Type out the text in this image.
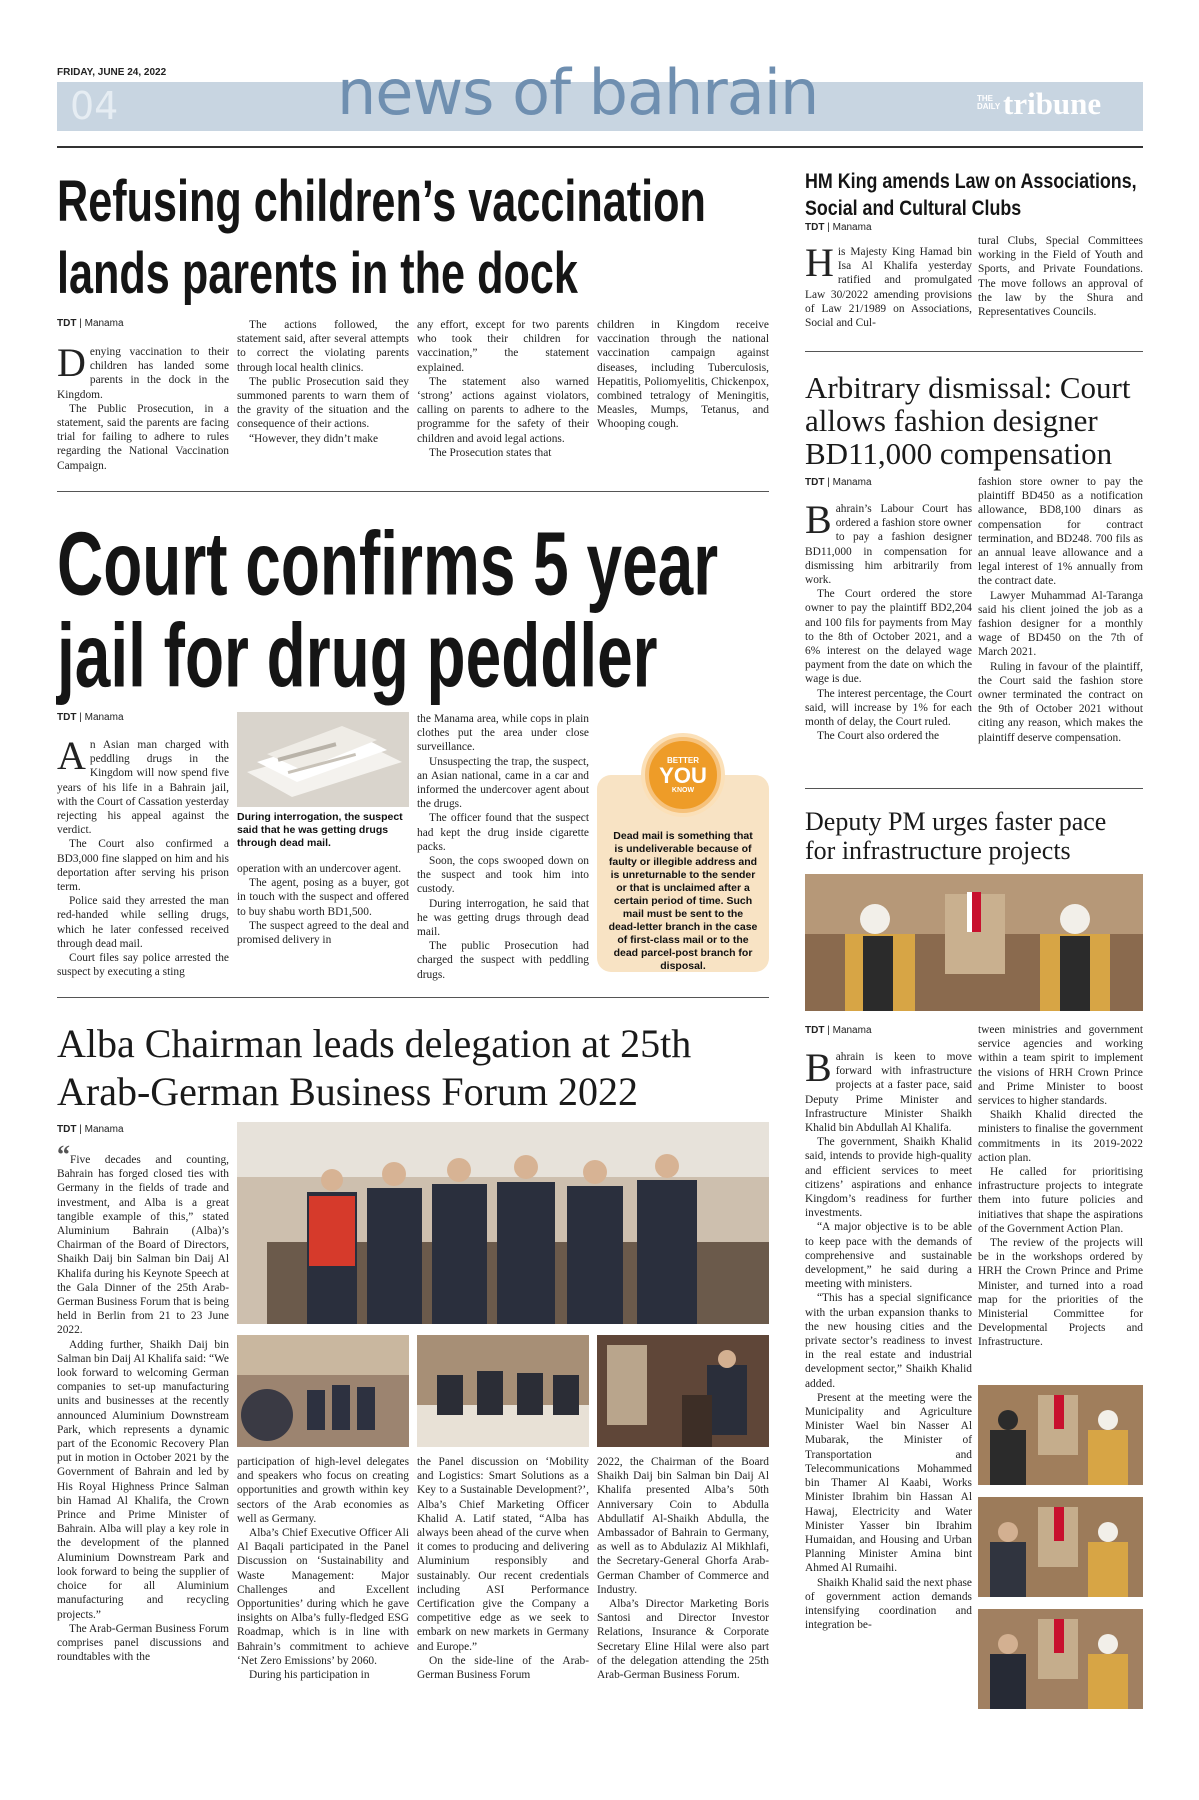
FRIDAY, JUNE 24, 2022
04	news of bahrain	THE DAILY tribune
Refusing children’s vaccination
lands parents in the dock
TDT | Manama

Denying vaccination to their children has landed some parents in the dock in the Kingdom.

The Public Prosecution, in a statement, said the parents are facing trial for failing to adhere to rules regarding the National Vaccination Campaign.

The actions followed, the statement said, after several attempts to correct the violating parents through local health clinics.

The public Prosecution said they summoned parents to warn them of the gravity of the situation and the consequence of their actions.

“However, they didn’t make

any effort, except for two parents who took their children for vaccination,” the statement explained.

The statement also warned ‘strong’ actions against violators, calling on parents to adhere to the programme for the safety of their children and avoid legal actions.

The Prosecution states that

children in Kingdom receive vaccination through the national vaccination campaign against diseases, including Tuberculosis, Hepatitis, Poliomyelitis, Chickenpox, combined tetralogy of Meningitis, Measles, Mumps, Tetanus, and Whooping cough.

Court confirms 5 year
jail for drug peddler
TDT | Manama

An Asian man charged with peddling drugs in the Kingdom will now spend five years of his life in a Bahrain jail, with the Court of Cassation yesterday rejecting his appeal against the verdict.

The Court also confirmed a BD3,000 fine slapped on him and his deportation after serving his prison term.

Police said they arrested the man red-handed while selling drugs, which he later confessed received through dead mail.

Court files say police arrested the suspect by executing a sting

During interrogation, the suspect said that he was getting drugs through dead mail.

operation with an undercover agent.

The agent, posing as a buyer, got in touch with the suspect and offered to buy shabu worth BD1,500.

The suspect agreed to the deal and promised delivery in

the Manama area, while cops in plain clothes put the area under close surveillance.

Unsuspecting the trap, the suspect, an Asian national, came in a car and informed the undercover agent about the drugs.

The officer found that the suspect had kept the drug inside cigarette packs.

Soon, the cops swooped down on the suspect and took him into custody.

During interrogation, he said that he was getting drugs through dead mail.

The public Prosecution had charged the suspect with peddling drugs.

BETTER
YOU
KNOW
Dead mail is something that is undeliverable because of faulty or illegible address and is unreturnable to the sender or that is unclaimed after a certain period of time. Such mail must be sent to the dead-letter branch in the case of first-class mail or to the dead parcel-post branch for disposal.
Alba Chairman leads delegation at 25th
Arab-German Business Forum 2022
TDT | Manama

“Five decades and counting, Bahrain has forged closed ties with Germany in the fields of trade and investment, and Alba is a great tangible example of this,” stated Aluminium Bahrain (Alba)’s Chairman of the Board of Directors, Shaikh Daij bin Salman bin Daij Al Khalifa during his Keynote Speech at the Gala Dinner of the 25th Arab-German Business Forum that is being held in Berlin from 21 to 23 June 2022.

Adding further, Shaikh Daij bin Salman bin Daij Al Khalifa said: “We look forward to welcoming German companies to set-up manufacturing units and businesses at the recently announced Aluminium Downstream Park, which represents a dynamic part of the Economic Recovery Plan put in motion in October 2021 by the Government of Bahrain and led by His Royal Highness Prince Salman bin Hamad Al Khalifa, the Crown Prince and Prime Minister of Bahrain. Alba will play a key role in the development of the planned Aluminium Downstream Park and look forward to being the supplier of choice for all Aluminium manufacturing and recycling projects.”

The Arab-German Business Forum comprises panel discussions and roundtables with the

participation of high-level delegates and speakers who focus on creating opportunities and growth within key sectors of the Arab economies as well as Germany.

Alba’s Chief Executive Officer Ali Al Baqali participated in the Panel Discussion on ‘Sustainability and Waste Management: Major Challenges and Excellent Opportunities’ during which he gave insights on Alba’s fully-fledged ESG Roadmap, which is in line with Bahrain’s commitment to achieve ‘Net Zero Emissions’ by 2060.

During his participation in

the Panel discussion on ‘Mobility and Logistics: Smart Solutions as a Key to a Sustainable Development?’, Alba’s Chief Marketing Officer Khalid A. Latif stated, “Alba has always been ahead of the curve when it comes to producing and delivering Aluminium responsibly and sustainably. Our recent credentials including ASI Performance Certification give the Company a competitive edge as we seek to embark on new markets in Germany and Europe.”

On the side-line of the Arab-German Business Forum

2022, the Chairman of the Board Shaikh Daij bin Salman bin Daij Al Khalifa presented Alba’s 50th Anniversary Coin to Abdulla Abdullatif Al-Shaikh Abdulla, the Ambassador of Bahrain to Germany, as well as to Abdulaziz Al Mikhlafi, the Secretary-General Ghorfa Arab-German Chamber of Commerce and Industry.

Alba’s Director Marketing Boris Santosi and Director Investor Relations, Insurance & Corporate Secretary Eline Hilal were also part of the delegation attending the 25th Arab-German Business Forum.

HM King amends Law on Associations,
Social and Cultural Clubs
TDT | Manama

His Majesty King Hamad bin Isa Al Khalifa yesterday ratified and promulgated Law 30/2022 amending provisions of Law 21/1989 on Associations, Social and Cul-

tural Clubs, Special Committees working in the Field of Youth and Sports, and Private Foundations. The move follows an approval of the law by the Shura and Representatives Councils.

Arbitrary dismissal: Court
allows fashion designer
BD11,000 compensation
TDT | Manama

Bahrain’s Labour Court has ordered a fashion store owner to pay a fashion designer BD11,000 in compensation for dismissing him arbitrarily from work.

The Court ordered the store owner to pay the plaintiff BD2,204 and 100 fils for payments from May to the 8th of October 2021, and a 6% interest on the delayed wage payment from the date on which the wage is due.

The interest percentage, the Court said, will increase by 1% for each month of delay, the Court ruled.

The Court also ordered the

fashion store owner to pay the plaintiff BD450 as a notification allowance, BD8,100 dinars as compensation for contract termination, and BD248. 700 fils as an annual leave allowance and a legal interest of 1% annually from the contract date.

Lawyer Muhammad Al-Taranga said his client joined the job as a fashion designer for a monthly wage of BD450 on the 7th of March 2021.

Ruling in favour of the plaintiff, the Court said the fashion store owner terminated the contract on the 9th of October 2021 without citing any reason, which makes the plaintiff deserve compensation.

Deputy PM urges faster pace
for infrastructure projects
TDT | Manama

Bahrain is keen to move forward with infrastructure projects at a faster pace, said Deputy Prime Minister and Infrastructure Minister Shaikh Khalid bin Abdullah Al Khalifa.

The government, Shaikh Khalid said, intends to provide high-quality and efficient services to meet citizens’ aspirations and enhance Kingdom’s readiness for further investments.

“A major objective is to be able to keep pace with the demands of comprehensive and sustainable development,” he said during a meeting with ministers.

“This has a special significance with the urban expansion thanks to the new housing cities and the private sector’s readiness to invest in the real estate and industrial development sector,” Shaikh Khalid added.

Present at the meeting were the Municipality and Agriculture Minister Wael bin Nasser Al Mubarak, the Minister of Transportation and Telecommunications Mohammed bin Thamer Al Kaabi, Works Minister Ibrahim bin Hassan Al Hawaj, Electricity and Water Minister Yasser bin Ibrahim Humaidan, and Housing and Urban Planning Minister Amina bint Ahmed Al Rumaihi.

Shaikh Khalid said the next phase of government action demands intensifying coordination and integration be-

tween ministries and government service agencies and working within a team spirit to implement the visions of HRH Crown Prince and Prime Minister to boost services to higher standards.

Shaikh Khalid directed the ministers to finalise the government commitments in its 2019-2022 action plan.

He called for prioritising infrastructure projects to integrate them into future policies and initiatives that shape the aspirations of the Government Action Plan.

The review of the projects will be in the workshops ordered by HRH the Crown Prince and Prime Minister, and turned into a road map for the priorities of the Ministerial Committee for Developmental Projects and Infrastructure.
